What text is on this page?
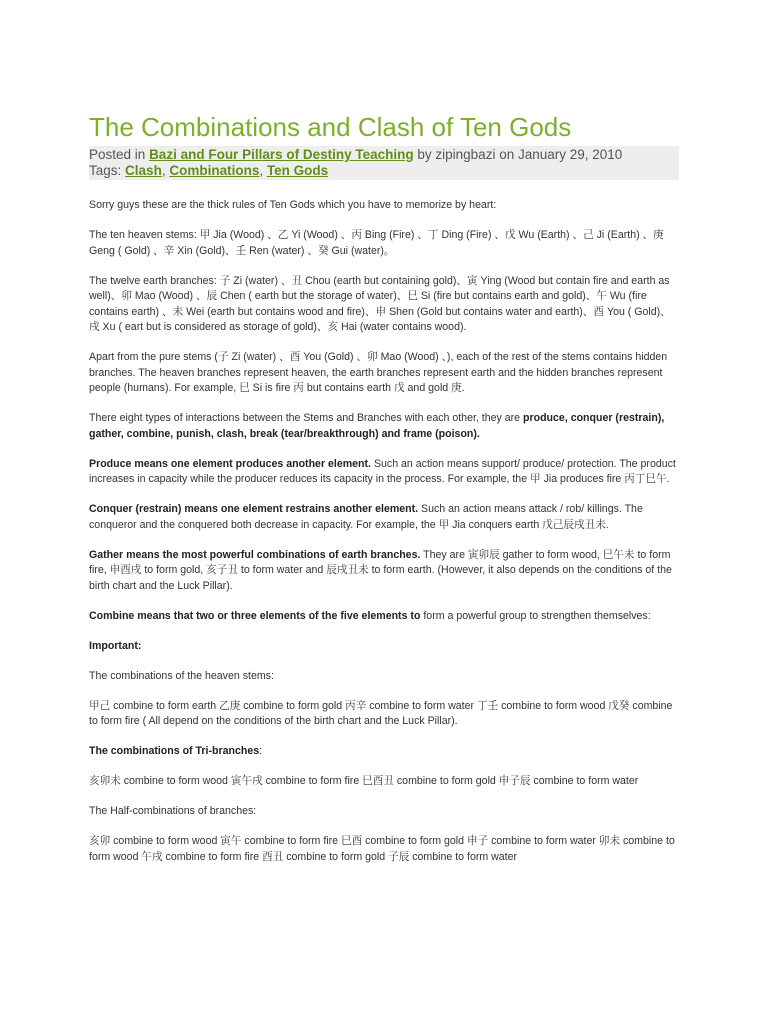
The Combinations and Clash of Ten Gods
Posted in Bazi and Four Pillars of Destiny Teaching by zipingbazi on January 29, 2010
Tags: Clash, Combinations, Ten Gods

Sorry guys these are the thick rules of Ten Gods which you have to memorize by heart:

The ten heaven stems: 甲 Jia (Wood) 、乙 Yi (Wood) 、丙 Bing (Fire) 、丁 Ding (Fire) 、戊 Wu (Earth) 、己 Ji (Earth) 、庚 Geng ( Gold) 、辛 Xin (Gold)、壬 Ren (water) 、癸 Gui (water)。

The twelve earth branches: 子 Zi (water) 、丑 Chou (earth but containing gold)、寅 Ying (Wood but contain fire and earth as well)、卯 Mao (Wood) 、辰 Chen ( earth but the storage of water)、巳 Si (fire but contains earth and gold)、午 Wu (fire contains earth) 、未 Wei (earth but contains wood and fire)、申 Shen (Gold but contains water and earth)、酉 You ( Gold)、戌 Xu ( eart but is considered as storage of gold)、亥 Hai (water contains wood).

Apart from the pure stems (子 Zi (water) 、酉 You (Gold) 、卯 Mao (Wood) 、), each of the rest of the stems contains hidden branches. The heaven branches represent heaven, the earth branches represent earth and the hidden branches represent people (humans). For example, 巳 Si is fire 丙 but contains earth 戊 and gold 庚.

There eight types of interactions between the Stems and Branches with each other, they are produce, conquer (restrain), gather, combine, punish, clash, break (tear/breakthrough) and frame (poison).

Produce means one element produces another element. Such an action means support/ produce/ protection. The product increases in capacity while the producer reduces its capacity in the process. For example, the 甲 Jia produces fire 丙丁巳午.

Conquer (restrain) means one element restrains another element. Such an action means attack / rob/ killings. The conqueror and the conquered both decrease in capacity. For example, the 甲 Jia conquers earth 戊己辰戌丑未.

Gather means the most powerful combinations of earth branches. They are 寅卯辰 gather to form wood, 巳午未 to form fire, 申酉戌 to form gold, 亥子丑 to form water and 辰戌丑未 to form earth. (However, it also depends on the conditions of the birth chart and the Luck Pillar).

Combine means that two or three elements of the five elements to form a powerful group to strengthen themselves:

Important:

The combinations of the heaven stems:

甲己 combine to form earth 乙庚 combine to form gold 丙辛 combine to form water 丁壬 combine to form wood 戊癸 combine to form fire ( All depend on the conditions of the birth chart and the Luck Pillar).

The combinations of Tri-branches:

亥卯未 combine to form wood 寅午戌 combine to form fire 巳酉丑 combine to form gold 申子辰 combine to form water

The Half-combinations of branches:

亥卯 combine to form wood 寅午 combine to form fire 巳酉 combine to form gold 申子 combine to form water 卯未 combine to form wood 午戌 combine to form fire 酉丑 combine to form gold 子辰 combine to form water
